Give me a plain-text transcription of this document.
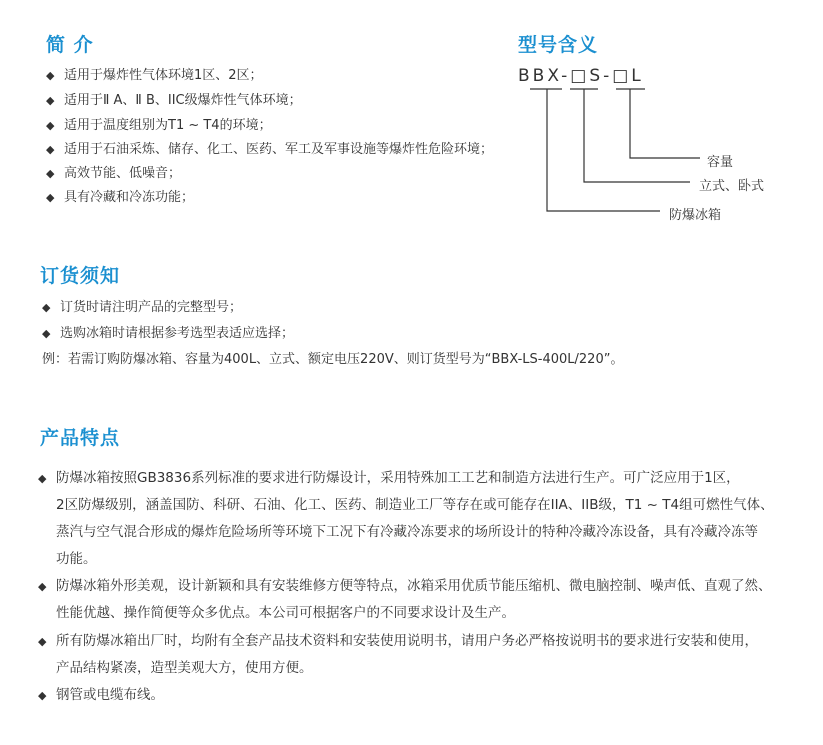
简 介
◆ 适用于爆炸性气体环境1区、2区；
◆ 适用于Ⅱ A、Ⅱ B、IIC级爆炸性气体环境；
◆ 适用于温度组别为T1 ~ T4的环境；
◆ 适用于石油采炼、储存、化工、医药、军工及军事设施等爆炸性危险环境；
◆ 高效节能、低噪音；
◆ 具有冷藏和冷冻功能；
型号含义
BBX-□S-□L
容量
立式、卧式
防爆冰箱
订货须知
◆ 订货时请注明产品的完整型号；
◆ 选购冰箱时请根据参考选型表适应选择；
例：若需订购防爆冰箱、容量为400L、立式、额定电压220V、则订货型号为“BBX-LS-400L/220”。
产品特点
◆ 防爆冰箱按照GB3836系列标准的要求进行防爆设计，采用特殊加工工艺和制造方法进行生产。可广泛应用于1区，
2区防爆级别，涵盖国防、科研、石油、化工、医药、制造业工厂等存在或可能存在IIA、IIB级，T1 ~ T4组可燃性气体、
蒸汽与空气混合形成的爆炸危险场所等环境下工况下有冷藏冷冻要求的场所设计的特种冷藏冷冻设备，具有冷藏冷冻等
功能。
◆ 防爆冰箱外形美观，设计新颖和具有安装维修方便等特点，冰箱采用优质节能压缩机、微电脑控制、噪声低、直观了然、
性能优越、操作简便等众多优点。本公司可根据客户的不同要求设计及生产。
◆ 所有防爆冰箱出厂时，均附有全套产品技术资料和安装使用说明书，请用户务必严格按说明书的要求进行安装和使用，
产品结构紧凑，造型美观大方，使用方便。
◆ 钢管或电缆布线。
